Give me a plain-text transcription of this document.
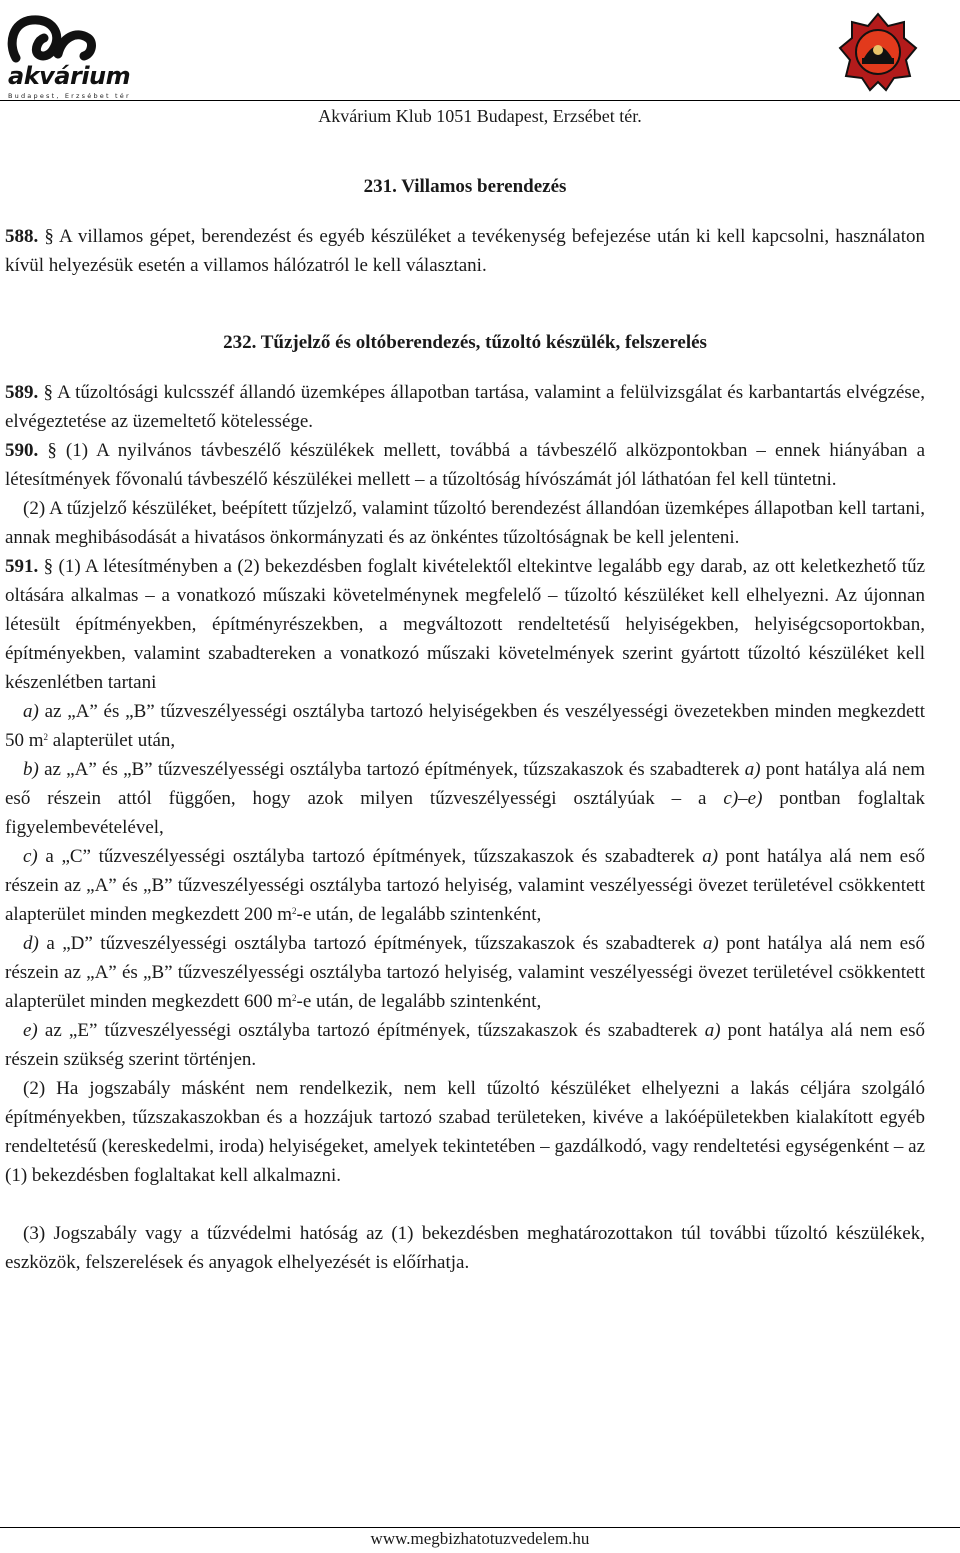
akvárium
Budapest, Erzsébet tér
Akvárium Klub 1051 Budapest, Erzsébet tér.

231. Villamos berendezés

588. § A villamos gépet, berendezést és egyéb készüléket a tevékenység befejezése után ki kell kapcsolni, használaton kívül helyezésük esetén a villamos hálózatról le kell választani.

232. Tűzjelző és oltóberendezés, tűzoltó készülék, felszerelés

589. § A tűzoltósági kulcsszéf állandó üzemképes állapotban tartása, valamint a felülvizsgálat és karbantartás elvégzése, elvégeztetése az üzemeltető kötelessége.

590. § (1) A nyilvános távbeszélő készülékek mellett, továbbá a távbeszélő alközpontokban – ennek hiányában a létesítmények fővonalú távbeszélő készülékei mellett – a tűzoltóság hívószámát jól láthatóan fel kell tüntetni.

(2) A tűzjelző készüléket, beépített tűzjelző, valamint tűzoltó berendezést állandóan üzemképes állapotban kell tartani, annak meghibásodását a hivatásos önkormányzati és az önkéntes tűzoltóságnak be kell jelenteni.

591. § (1) A létesítményben a (2) bekezdésben foglalt kivételektől eltekintve legalább egy darab, az ott keletkezhető tűz oltására alkalmas – a vonatkozó műszaki követelménynek megfelelő – tűzoltó készüléket kell elhelyezni. Az újonnan létesült építményekben, építményrészekben, a megváltozott rendeltetésű helyiségekben, helyiségcsoportokban, építményekben, valamint szabadtereken a vonatkozó műszaki követelmények szerint gyártott tűzoltó készüléket kell készenlétben tartani

a) az „A” és „B” tűzveszélyességi osztályba tartozó helyiségekben és veszélyességi övezetekben minden megkezdett 50 $m^2$ alapterület után,

b) az „A” és „B” tűzveszélyességi osztályba tartozó építmények, tűzszakaszok és szabadterek a) pont hatálya alá nem eső részein attól függően, hogy azok milyen tűzveszélyességi osztályúak – a c)–e) pontban foglaltak figyelembevételével,

c) a „C” tűzveszélyességi osztályba tartozó építmények, tűzszakaszok és szabadterek a) pont hatálya alá nem eső részein az „A” és „B” tűzveszélyességi osztályba tartozó helyiség, valamint veszélyességi övezet területével csökkentett alapterület minden megkezdett 200 $m^2-e$ után, de legalább szintenként,

d) a „D” tűzveszélyességi osztályba tartozó építmények, tűzszakaszok és szabadterek a) pont hatálya alá nem eső részein az „A” és „B” tűzveszélyességi osztályba tartozó helyiség, valamint veszélyességi övezet területével csökkentett alapterület minden megkezdett 600 $m^2-e$ után, de legalább szintenként,

e) az „E” tűzveszélyességi osztályba tartozó építmények, tűzszakaszok és szabadterek a) pont hatálya alá nem eső részein szükség szerint történjen.

(2) Ha jogszabály másként nem rendelkezik, nem kell tűzoltó készüléket elhelyezni a lakás céljára szolgáló építményekben, tűzszakaszokban és a hozzájuk tartozó szabad területeken, kivéve a lakóépületekben kialakított egyéb rendeltetésű (kereskedelmi, iroda) helyiségeket, amelyek tekintetében – gazdálkodó, vagy rendeltetési egységenként – az (1) bekezdésben foglaltakat kell alkalmazni.

(3) Jogszabály vagy a tűzvédelmi hatóság az (1) bekezdésben meghatározottakon túl további tűzoltó készülékek, eszközök, felszerelések és anyagok elhelyezését is előírhatja.

www.megbizhatotuzvedelem.hu
